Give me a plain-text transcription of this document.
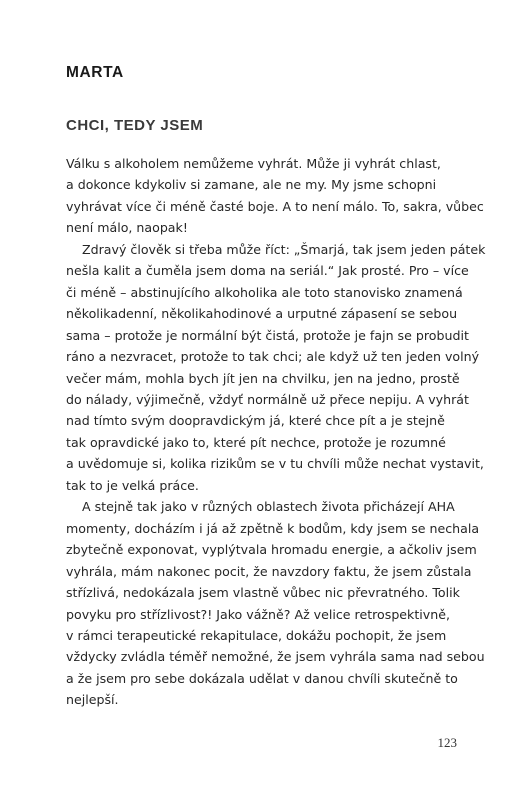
MARTA
CHCI, TEDY JSEM
Válku s alkoholem nemůžeme vyhrát. Může ji vyhrát chlast,
a dokonce kdykoliv si zamane, ale ne my. My jsme schopni
vyhrávat více či méně časté boje. A to není málo. To, sakra, vůbec
není málo, naopak!
Zdravý člověk si třeba může říct: „Šmarjá, tak jsem jeden pátek
nešla kalit a čuměla jsem doma na seriál.“ Jak prosté. Pro – více
či méně – abstinujícího alkoholika ale toto stanovisko znamená
několikadenní, několikahodinové a urputné zápasení se sebou
sama – protože je normální být čistá, protože je fajn se probudit
ráno a nezvracet, protože to tak chci; ale když už ten jeden volný
večer mám, mohla bych jít jen na chvilku, jen na jedno, prostě
do nálady, výjimečně, vždyť normálně už přece nepiju. A vyhrát
nad tímto svým doopravdickým já, které chce pít a je stejně
tak opravdické jako to, které pít nechce, protože je rozumné
a uvědomuje si, kolika rizikům se v tu chvíli může nechat vystavit,
tak to je velká práce.
A stejně tak jako v různých oblastech života přicházejí AHA
momenty, docházím i já až zpětně k bodům, kdy jsem se nechala
zbytečně exponovat, vyplýtvala hromadu energie, a ačkoliv jsem
vyhrála, mám nakonec pocit, že navzdory faktu, že jsem zůstala
střízlivá, nedokázala jsem vlastně vůbec nic převratného. Tolik
povyku pro střízlivost?! Jako vážně? Až velice retrospektivně,
v rámci terapeutické rekapitulace, dokážu pochopit, že jsem
vždycky zvládla téměř nemožné, že jsem vyhrála sama nad sebou
a že jsem pro sebe dokázala udělat v danou chvíli skutečně to
nejlepší.
123
